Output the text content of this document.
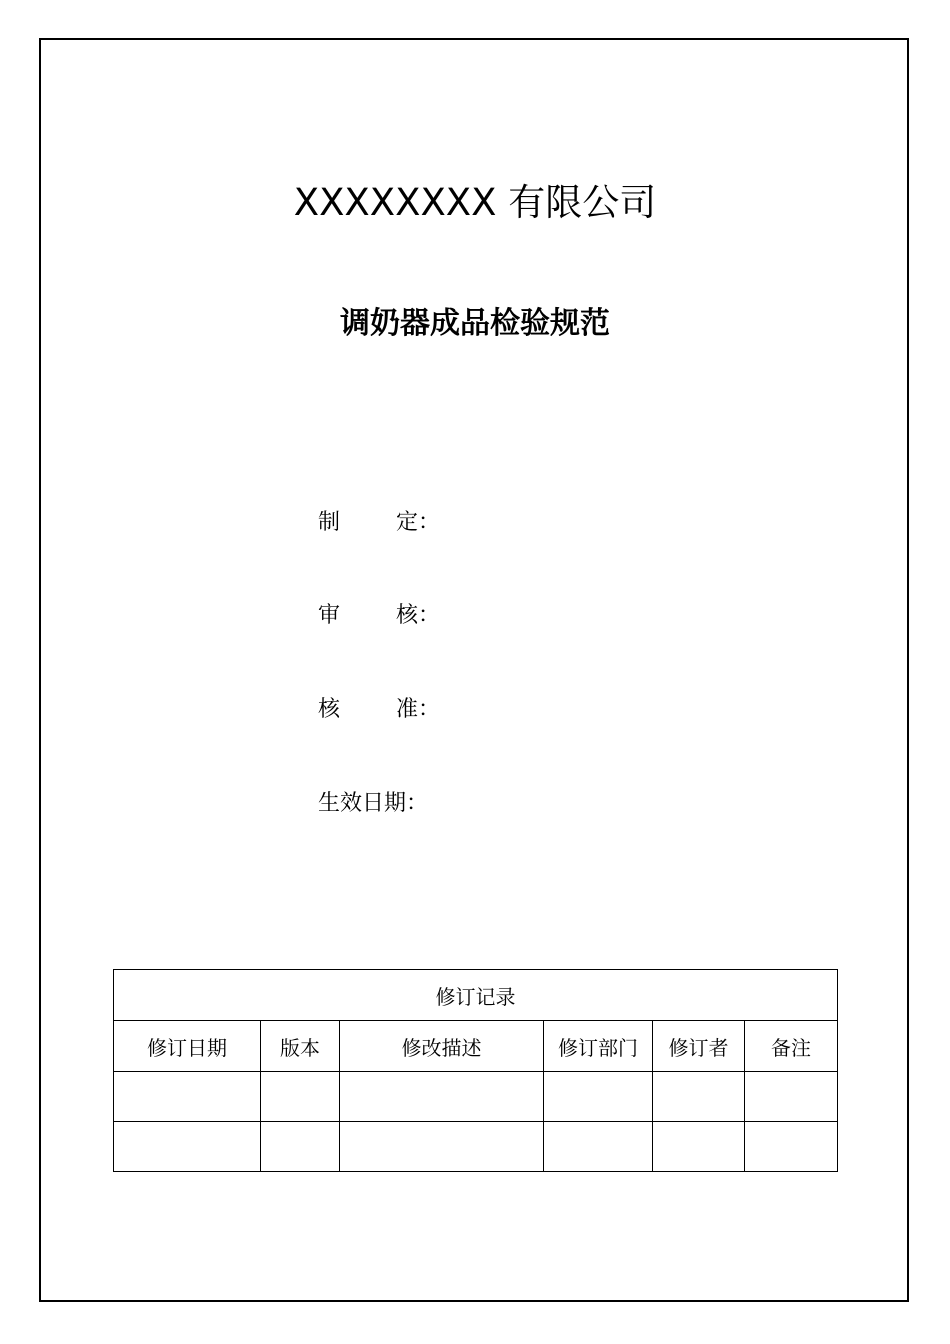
XXXXXXXX 有限公司
调奶器成品检验规范
制	定：
审	核：
核	准：
生效日期：
修订记录					
修订日期	版本	修改描述	修订部门	修订者	备注
